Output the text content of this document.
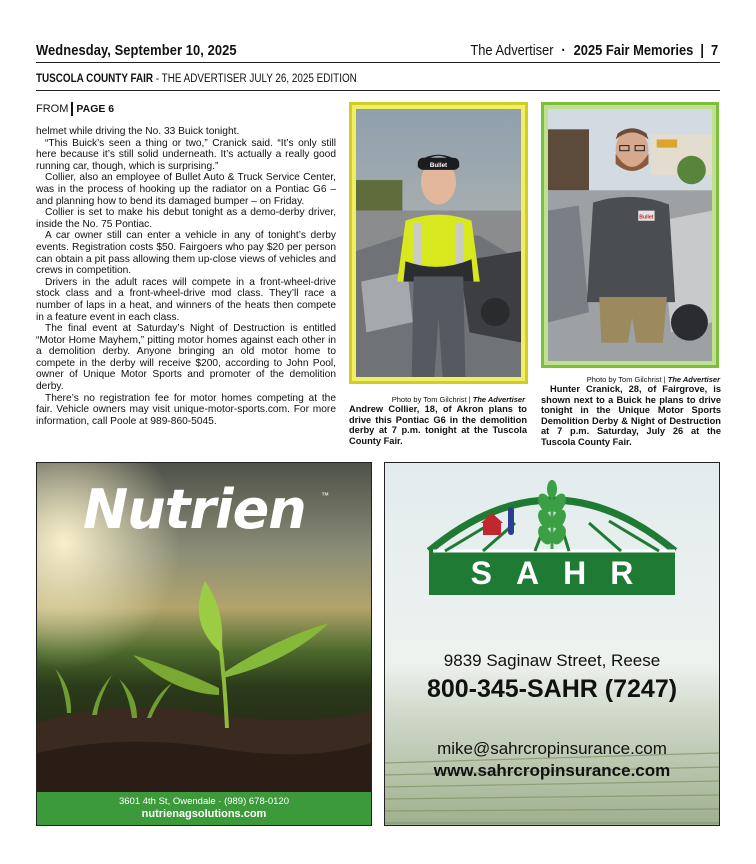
Wednesday, September 10, 2025	The Advertiser · 2025 Fair Memories | 7
TUSCOLA COUNTY FAIR - THE ADVERTISER JULY 26, 2025 EDITION
FROM PAGE 6

helmet while driving the No. 33 Buick tonight.

“This Buick’s seen a thing or two,” Cranick said. “It’s only still here because it’s still solid underneath. It’s actually a really good running car, though, which is surprising.”

Collier, also an employee of Bullet Auto & Truck Service Center, was in the process of hooking up the radiator on a Pontiac G6 – and planning how to bend its damaged bumper – on Friday.

Collier is set to make his debut tonight as a demo-derby driver, inside the No. 75 Pontiac.

A car owner still can enter a vehicle in any of tonight’s derby events. Registration costs $50. Fairgoers who pay $20 per person can obtain a pit pass allowing them up-close views of vehicles and crews in competition.

Drivers in the adult races will compete in a front-wheel-drive stock class and a front-wheel-drive mod class. They’ll race a number of laps in a heat, and winners of the heats then compete in a feature event in each class.

The final event at Saturday’s Night of Destruction is entitled “Motor Home Mayhem,” pitting motor homes against each other in a demolition derby. Anyone bringing an old motor home to compete in the derby will receive $200, according to John Pool, owner of Unique Motor Sports and promoter of the demolition derby.

There’s no registration fee for motor homes competing at the fair. Vehicle owners may visit unique-motor-sports.com. For more information, call Poole at 989-860-5045.

Bullet
Photo by Tom Gilchrist | The Advertiser
Andrew Collier, 18, of Akron plans to drive this Pontiac G6 in the demolition derby at 7 p.m. tonight at the Tuscola County Fair.
Bullet
Photo by Tom Gilchrist | The Advertiser
Hunter Cranick, 28, of Fairgrove, is shown next to a Buick he plans to drive tonight in the Unique Motor Sports Demolition Derby & Night of Destruction at 7 p.m. Saturday, July 26 at the Tuscola County Fair.
Nutrien ™
3601 4th St, Owendale · (989) 678-0120
nutrienagsolutions.com
SAHR
9839 Saginaw Street, Reese
800-345-SAHR (7247)
mike@sahrcropinsurance.com
www.sahrcropinsurance.com
